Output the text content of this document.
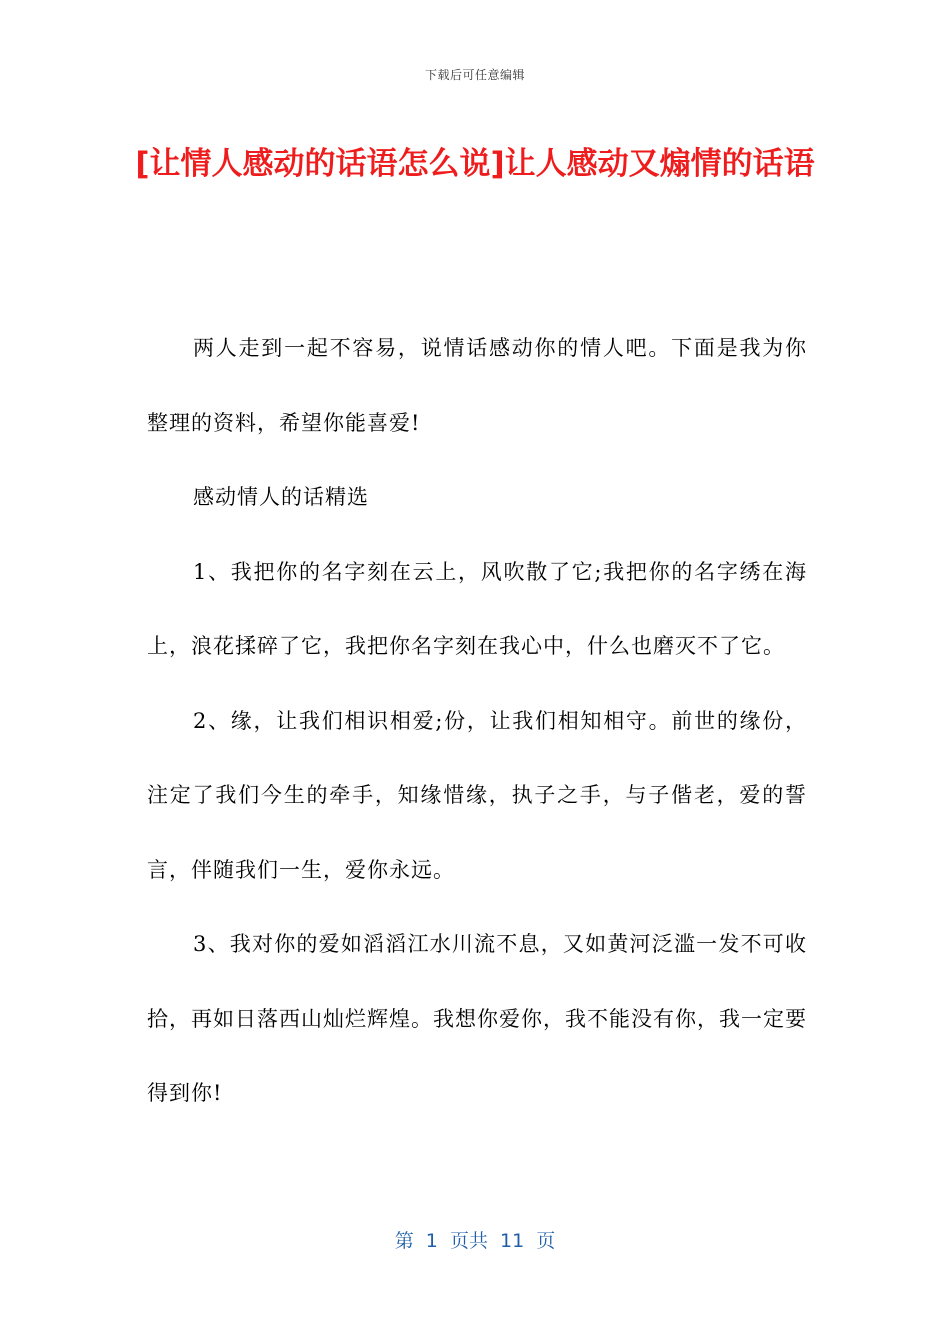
下载后可任意编辑
[让情人感动的话语怎么说]让人感动又煽情的话语

两人走到一起不容易，说情话感动你的情人吧。下面是我为你整理的资料，希望你能喜爱!

感动情人的话精选

1、我把你的名字刻在云上，风吹散了它;我把你的名字绣在海上，浪花揉碎了它，我把你名字刻在我心中，什么也磨灭不了它。

2、缘，让我们相识相爱;份，让我们相知相守。前世的缘份，注定了我们今生的牵手，知缘惜缘，执子之手，与子偕老，爱的誓言，伴随我们一生，爱你永远。

3、我对你的爱如滔滔江水川流不息，又如黄河泛滥一发不可收拾，再如日落西山灿烂辉煌。我想你爱你，我不能没有你，我一定要得到你!

第  1  页共  11  页
